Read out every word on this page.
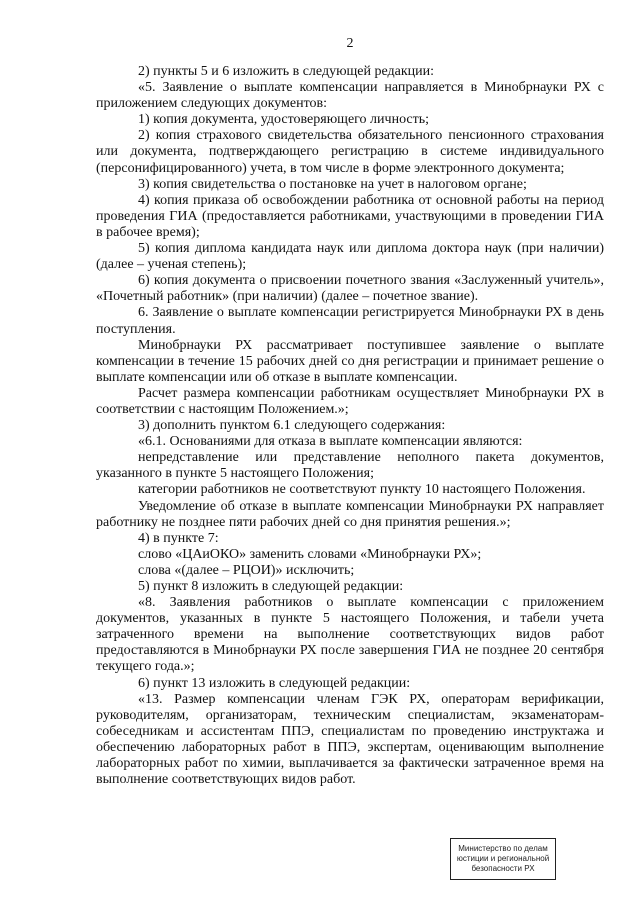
2

2) пункты 5 и 6 изложить в следующей редакции:

«5. Заявление о выплате компенсации направляется в Минобрнауки РХ с приложением следующих документов:

1) копия документа, удостоверяющего личность;

2) копия страхового свидетельства обязательного пенсионного страхования или документа, подтверждающего регистрацию в системе индивидуального (персонифицированного) учета, в том числе в форме электронного документа;

3) копия свидетельства о постановке на учет в налоговом органе;

4) копия приказа об освобождении работника от основной работы на период проведения ГИА (предоставляется работниками, участвующими в проведении ГИА в рабочее время);

5) копия диплома кандидата наук или диплома доктора наук (при наличии) (далее – ученая степень);

6) копия документа о присвоении почетного звания «Заслуженный учитель», «Почетный работник» (при наличии) (далее – почетное звание).

6. Заявление о выплате компенсации регистрируется Минобрнауки РХ в день поступления.

Минобрнауки РХ рассматривает поступившее заявление о выплате компенсации в течение 15 рабочих дней со дня регистрации и принимает решение о выплате компенсации или об отказе в выплате компенсации.

Расчет размера компенсации работникам осуществляет Минобрнауки РХ в соответствии с настоящим Положением.»;

3) дополнить пунктом 6.1 следующего содержания:

«6.1. Основаниями для отказа в выплате компенсации являются:

непредставление или представление неполного пакета документов, указанного в пункте 5 настоящего Положения;

категории работников не соответствуют пункту 10 настоящего Положения.

Уведомление об отказе в выплате компенсации Минобрнауки РХ направляет работнику не позднее пяти рабочих дней со дня принятия решения.»;

4) в пункте 7:

слово «ЦАиОКО» заменить словами «Минобрнауки РХ»;

слова «(далее – РЦОИ)» исключить;

5) пункт 8 изложить в следующей редакции:

«8. Заявления работников о выплате компенсации с приложением документов, указанных в пункте 5 настоящего Положения, и табели учета затраченного времени на выполнение соответствующих видов работ предоставляются в Минобрнауки РХ после завершения ГИА не позднее 20 сентября текущего года.»;

6) пункт 13 изложить в следующей редакции:

«13. Размер компенсации членам ГЭК РХ, операторам верификации, руководителям, организаторам, техническим специалистам, экзаменаторам-собеседникам и ассистентам ППЭ, специалистам по проведению инструктажа и обеспечению лабораторных работ в ППЭ, экспертам, оценивающим выполнение лабораторных работ по химии, выплачивается за фактически затраченное время на выполнение соответствующих видов работ.

Министерство по делам
юстиции и региональной
безопасности РХ
